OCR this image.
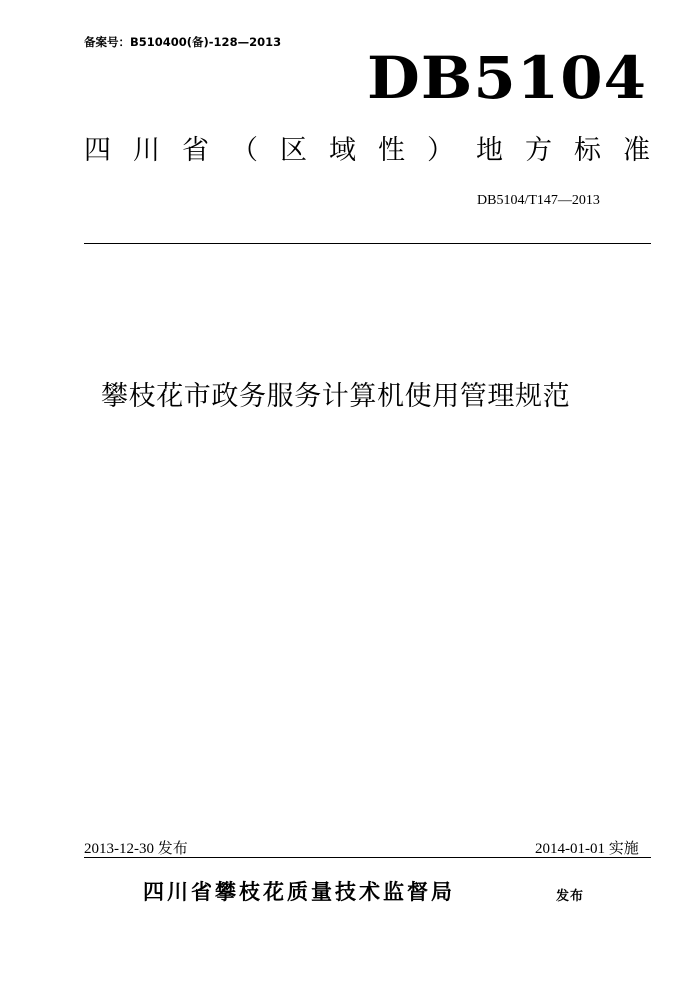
备案号：B510400(备)-128—2013
DB5104
四川省（区域性）地方标准
DB5104/T147—2013
攀枝花市政务服务计算机使用管理规范
2013-12-30 发布	2014-01-01 实施
四川省攀枝花质量技术监督局	发布
